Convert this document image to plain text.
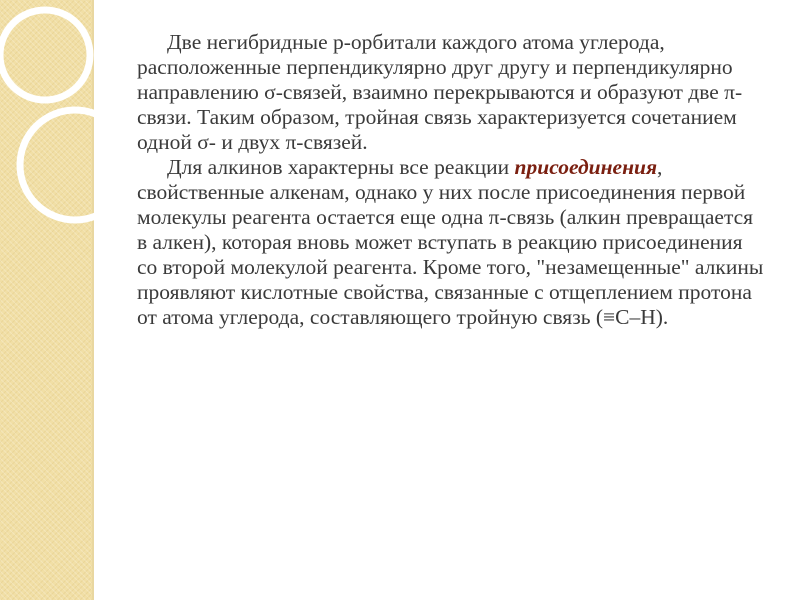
Две негибридные р-орбитали каждого атома углерода, расположенные перпендикулярно друг другу и перпендикулярно направлению σ-связей, взаимно перекрываются и образуют две π- связи. Таким образом, тройная связь характеризуется сочетанием одной σ- и двух π-связей.

Для алкинов характерны все реакции присоединения, свойственные алкенам, однако у них после присоединения первой молекулы реагента остается еще одна π-связь (алкин превращается в алкен), которая вновь может вступать в реакцию присоединения со второй молекулой реагента. Кроме того, "незамещенные" алкины проявляют кислотные свойства, связанные с отщеплением протона от атома углерода, составляющего тройную связь (≡С–Н).
